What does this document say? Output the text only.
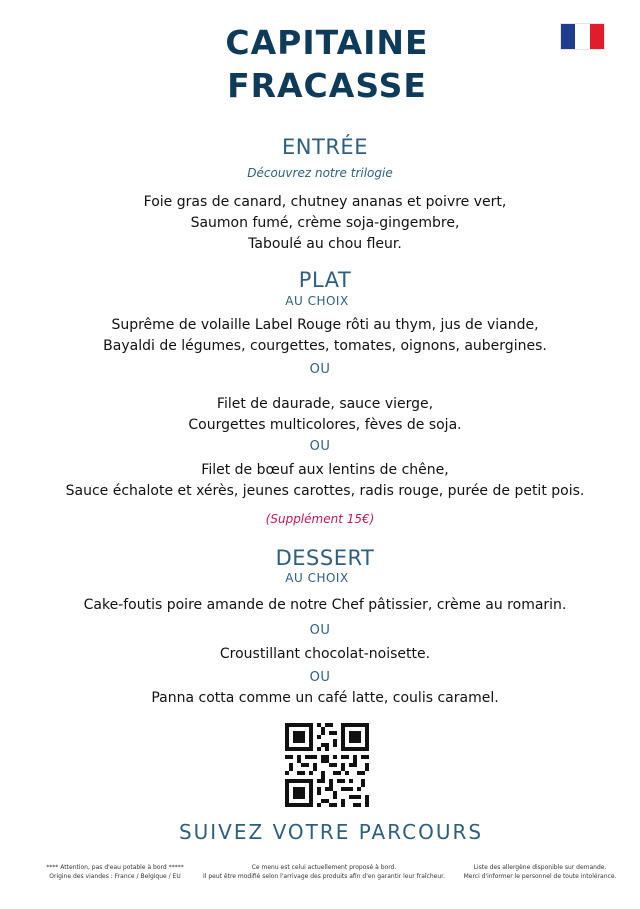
CAPITAINE
FRACASSE
ENTRÉE
Découvrez notre trilogie
Foie gras de canard, chutney ananas et poivre vert,
Saumon fumé, crème soja-gingembre,
Taboulé au chou fleur.
PLAT
AU CHOIX
Suprême de volaille Label Rouge rôti au thym, jus de viande,
Bayaldi de légumes, courgettes, tomates, oignons, aubergines.
OU
Filet de daurade, sauce vierge,
Courgettes multicolores, fèves de soja.
OU
Filet de bœuf aux lentins de chêne,
Sauce échalote et xérès, jeunes carottes, radis rouge, purée de petit pois.
(Supplément 15€)
DESSERT
AU CHOIX
Cake-foutis poire amande de notre Chef pâtissier, crème au romarin.
OU
Croustillant chocolat-noisette.
OU
Panna cotta comme un café latte, coulis caramel.
SUIVEZ VOTRE PARCOURS
**** Attention, pas d'eau potable à bord *****
Origine des viandes : France / Belgique / EU
Ce menu est celui actuellement proposé à bord.
Il peut être modifié selon l'arrivage des produits afin d'en garantir leur fraîcheur.
Liste des allergène disponible sur demande.
Merci d'informer le personnel de toute intolérance.
